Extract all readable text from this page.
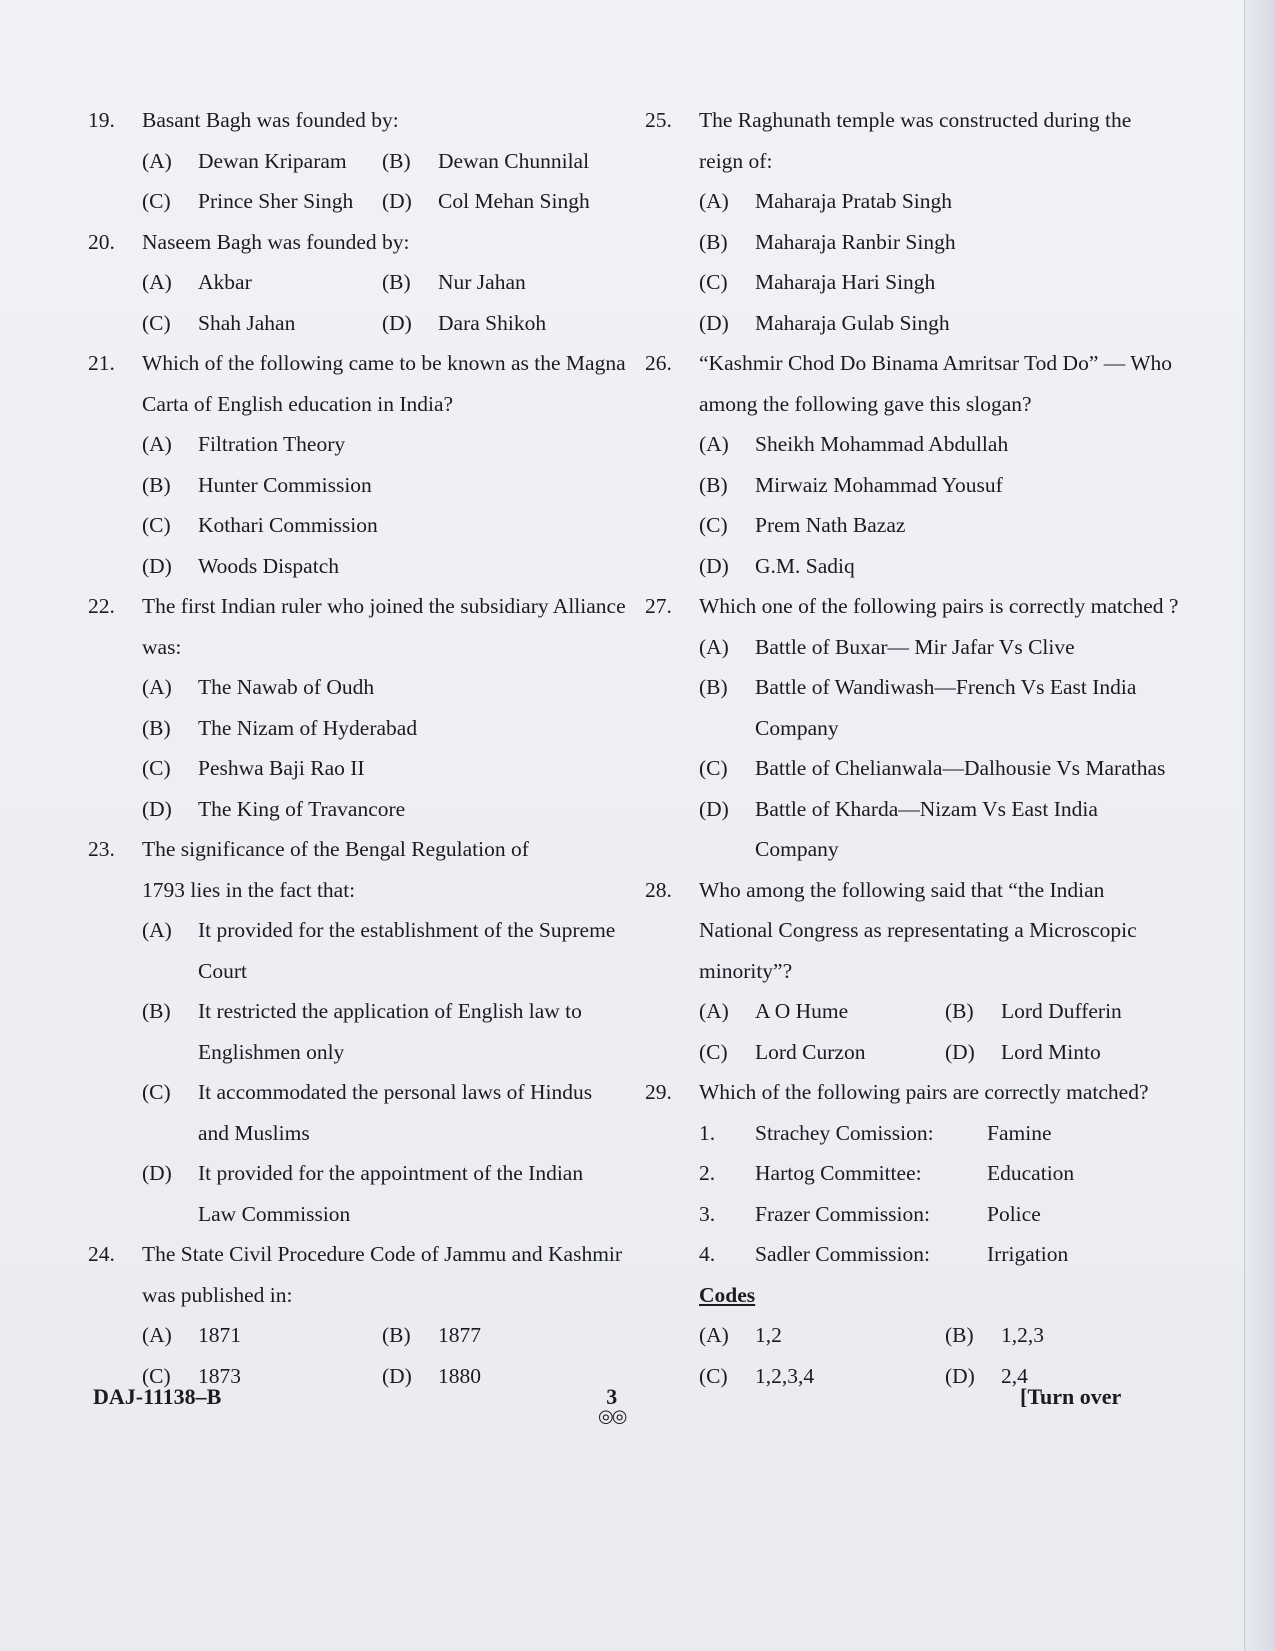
19. Basant Bagh was founded by:
(A) Dewan Kriparam (B) Dewan Chunnilal
(C) Prince Sher Singh (D) Col Mehan Singh
20. Naseem Bagh was founded by:
(A) Akbar	(B) Nur Jahan
(C) Shah Jahan	(D) Dara Shikoh
21. Which of the following came to be known as the Magna
Carta of English education in India?
(A) Filtration Theory
(B) Hunter Commission
(C) Kothari Commission
(D) Woods Dispatch
22. The first Indian ruler who joined the subsidiary Alliance
was:
(A) The Nawab of Oudh
(B) The Nizam of Hyderabad
(C) Peshwa Baji Rao II
(D) The King of Travancore
23. The significance of the Bengal Regulation of
1793 lies in the fact that:
(A) It provided for the establishment of the Supreme
Court
(B) It restricted the application of English law to
Englishmen only
(C) It accommodated the personal laws of Hindus
and Muslims
(D) It provided for the appointment of the Indian
Law Commission
24. The State Civil Procedure Code of Jammu and Kashmir
was published in:
(A) 1871	(B) 1877
(C) 1873	(D) 1880
25. The Raghunath temple was constructed during the
reign of:
(A) Maharaja Pratab Singh
(B) Maharaja Ranbir Singh
(C) Maharaja Hari Singh
(D) Maharaja Gulab Singh
26. “Kashmir Chod Do Binama Amritsar Tod Do” — Who
among the following gave this slogan?
(A) Sheikh Mohammad Abdullah
(B) Mirwaiz Mohammad Yousuf
(C) Prem Nath Bazaz
(D) G.M. Sadiq
27. Which one of the following pairs is correctly matched ?
(A) Battle of Buxar— Mir Jafar Vs Clive
(B) Battle of Wandiwash—French Vs East India
Company
(C) Battle of Chelianwala—Dalhousie Vs Marathas
(D) Battle of Kharda—Nizam Vs East India
Company
28. Who among the following said that “the Indian
National Congress as representating a Microscopic
minority”?
(A) A O Hume	(B) Lord Dufferin
(C) Lord Curzon	(D) Lord Minto
29. Which of the following pairs are correctly matched?
1. Strachey Comission: Famine
2. Hartog Committee:	Education
3. Frazer Commission:	Police
4. Sadler Commission:	Irrigation
Codes
(A) 1,2	(B) 1,2,3
(C) 1,2,3,4	(D) 2,4
DAJ-11138–B	3
◎◎
[Turn over
